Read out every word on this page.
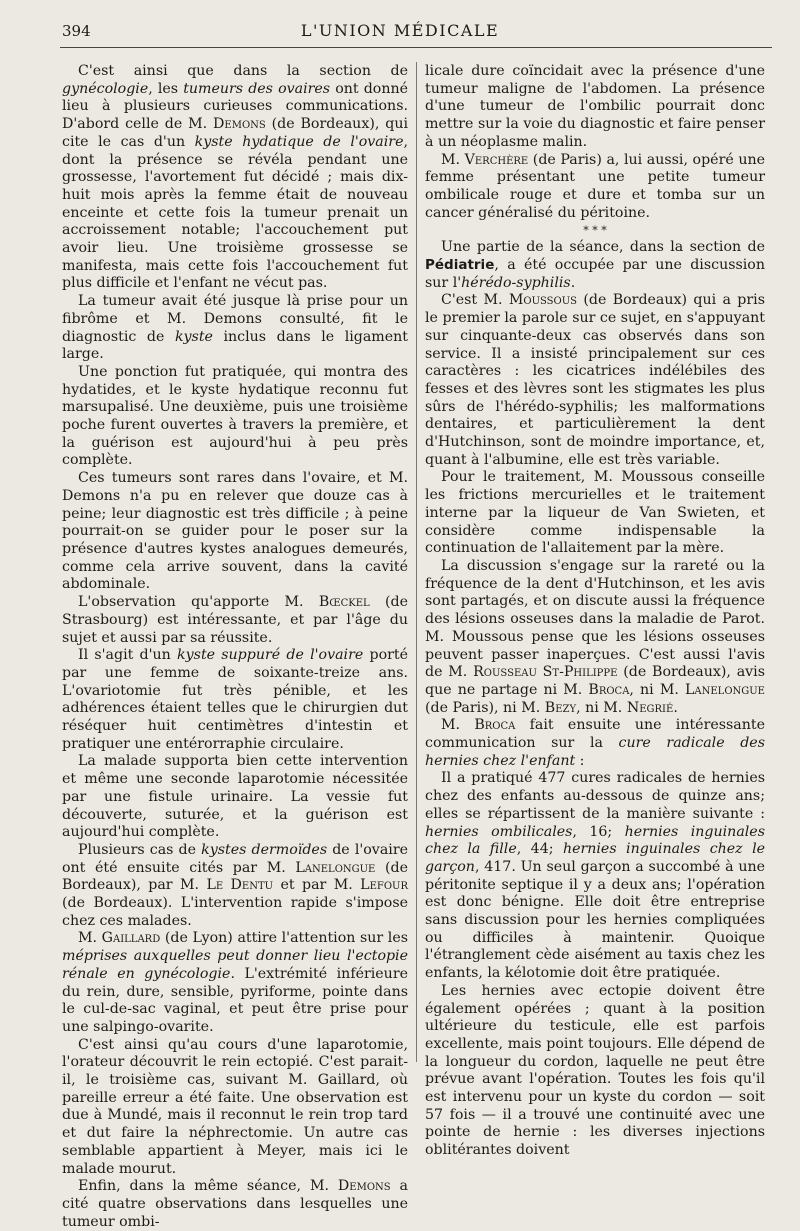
394	L'UNION MÉDICALE

C'est ainsi que dans la section de gynécologie, les tumeurs des ovaires ont donné lieu à plusieurs curieuses communications. D'abord celle de M. Demons (de Bordeaux), qui cite le cas d'un kyste hydatique de l'ovaire, dont la présence se révéla pendant une grossesse, l'avortement fut décidé ; mais dix-huit mois après la femme était de nouveau enceinte et cette fois la tumeur prenait un accroissement notable; l'accouchement put avoir lieu. Une troisième grossesse se manifesta, mais cette fois l'accouchement fut plus difficile et l'enfant ne vécut pas.

La tumeur avait été jusque là prise pour un fibrôme et M. Demons consulté, fit le diagnostic de kyste inclus dans le ligament large.

Une ponction fut pratiquée, qui montra des hydatides, et le kyste hydatique reconnu fut marsupalisé. Une deuxième, puis une troisième poche furent ouvertes à travers la première, et la guérison est aujourd'hui à peu près complète.

Ces tumeurs sont rares dans l'ovaire, et M. Demons n'a pu en relever que douze cas à peine; leur diagnostic est très difficile ; à peine pourrait-on se guider pour le poser sur la présence d'autres kystes analogues demeurés, comme cela arrive souvent, dans la cavité abdominale.

L'observation qu'apporte M. Bœckel (de Strasbourg) est intéressante, et par l'âge du sujet et aussi par sa réussite.

Il s'agit d'un kyste suppuré de l'ovaire porté par une femme de soixante-treize ans. L'ovariotomie fut très pénible, et les adhérences étaient telles que le chirurgien dut réséquer huit centimètres d'intestin et pratiquer une entérorraphie circulaire.

La malade supporta bien cette intervention et même une seconde laparotomie nécessitée par une fistule urinaire. La vessie fut découverte, suturée, et la guérison est aujourd'hui complète.

Plusieurs cas de kystes dermoïdes de l'ovaire ont été ensuite cités par M. Lanelongue (de Bordeaux), par M. Le Dentu et par M. Lefour (de Bordeaux). L'intervention rapide s'impose chez ces malades.

M. Gaillard (de Lyon) attire l'attention sur les méprises auxquelles peut donner lieu l'ectopie rénale en gynécologie. L'extrémité inférieure du rein, dure, sensible, pyriforme, pointe dans le cul-de-sac vaginal, et peut être prise pour une salpingo-ovarite.

C'est ainsi qu'au cours d'une laparotomie, l'orateur découvrit le rein ectopié. C'est parait-il, le troisième cas, suivant M. Gaillard, où pareille erreur a été faite. Une observation est due à Mundé, mais il reconnut le rein trop tard et dut faire la néphrectomie. Un autre cas semblable appartient à Meyer, mais ici le malade mourut.

Enfin, dans la même séance, M. Demons a cité quatre observations dans lesquelles une tumeur ombi-

licale dure coïncidait avec la présence d'une tumeur maligne de l'abdomen. La présence d'une tumeur de l'ombilic pourrait donc mettre sur la voie du diagnostic et faire penser à un néoplasme malin.

M. Verchère (de Paris) a, lui aussi, opéré une femme présentant une petite tumeur ombilicale rouge et dure et tomba sur un cancer généralisé du péritoine.

* * *

Une partie de la séance, dans la section de Pédiatrie, a été occupée par une discussion sur l'hérédo-syphilis.

C'est M. Moussous (de Bordeaux) qui a pris le premier la parole sur ce sujet, en s'appuyant sur cinquante-deux cas observés dans son service. Il a insisté principalement sur ces caractères : les cicatrices indélébiles des fesses et des lèvres sont les stigmates les plus sûrs de l'hérédo-syphilis; les malformations dentaires, et particulièrement la dent d'Hutchinson, sont de moindre importance, et, quant à l'albumine, elle est très variable.

Pour le traitement, M. Moussous conseille les frictions mercurielles et le traitement interne par la liqueur de Van Swieten, et considère comme indispensable la continuation de l'allaitement par la mère.

La discussion s'engage sur la rareté ou la fréquence de la dent d'Hutchinson, et les avis sont partagés, et on discute aussi la fréquence des lésions osseuses dans la maladie de Parot. M. Moussous pense que les lésions osseuses peuvent passer inaperçues. C'est aussi l'avis de M. Rousseau St-Philippe (de Bordeaux), avis que ne partage ni M. Broca, ni M. Lanelongue (de Paris), ni M. Bezy, ni M. Negrié.

M. Broca fait ensuite une intéressante communication sur la cure radicale des hernies chez l'enfant :

Il a pratiqué 477 cures radicales de hernies chez des enfants au-dessous de quinze ans; elles se répartissent de la manière suivante : hernies ombilicales, 16; hernies inguinales chez la fille, 44; hernies inguinales chez le garçon, 417. Un seul garçon a succombé à une péritonite septique il y a deux ans; l'opération est donc bénigne. Elle doit être entreprise sans discussion pour les hernies compliquées ou difficiles à maintenir. Quoique l'étranglement cède aisément au taxis chez les enfants, la kélotomie doit être pratiquée.

Les hernies avec ectopie doivent être également opérées ; quant à la position ultérieure du testicule, elle est parfois excellente, mais point toujours. Elle dépend de la longueur du cordon, laquelle ne peut être prévue avant l'opération. Toutes les fois qu'il est intervenu pour un kyste du cordon — soit 57 fois — il a trouvé une continuité avec une pointe de hernie : les diverses injections oblitérantes doivent
